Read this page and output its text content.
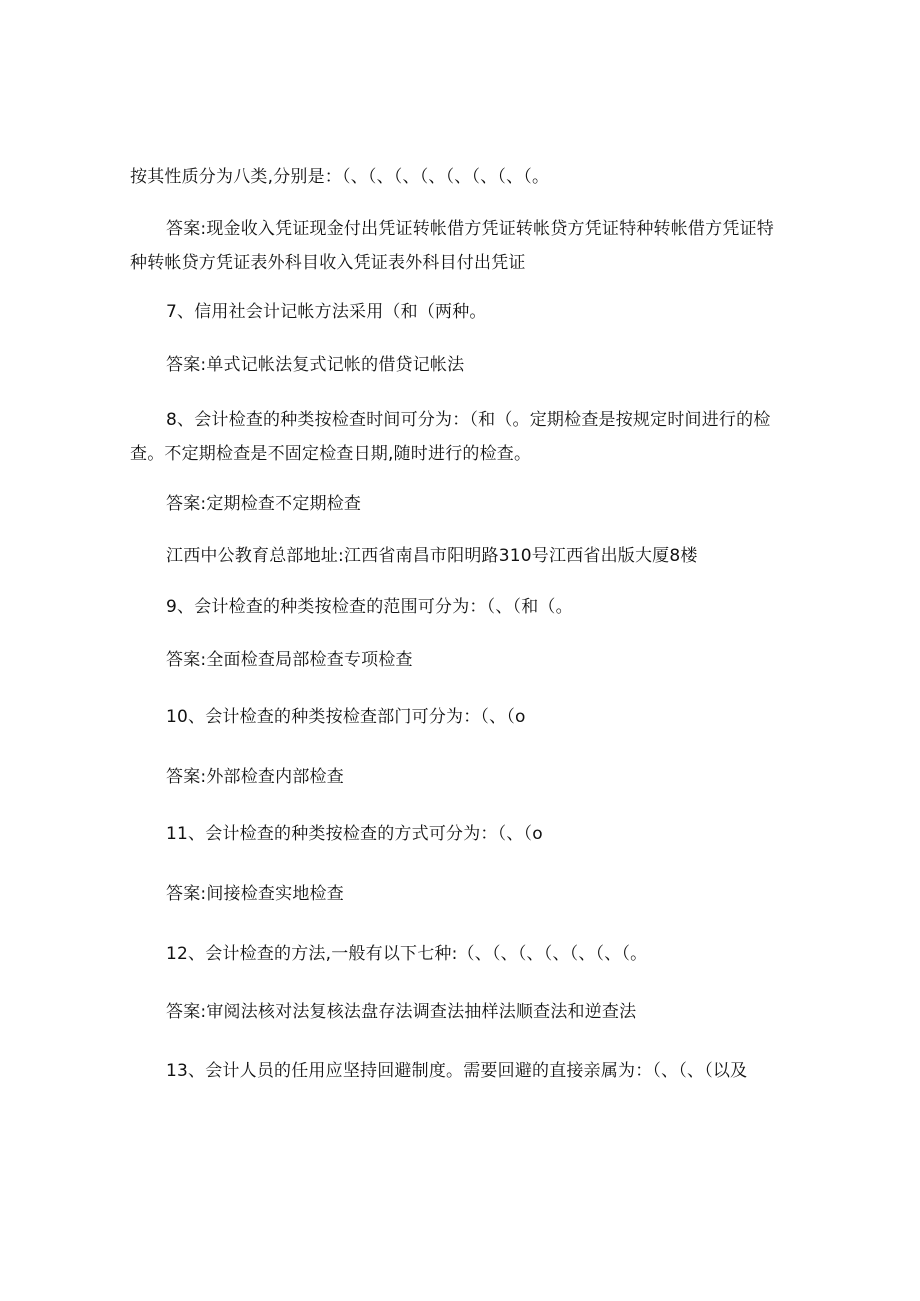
按其性质分为八类,分别是：（、（、（、（、（、（、（、（。
答案:现金收入凭证现金付出凭证转帐借方凭证转帐贷方凭证特种转帐借方凭证特种转帐贷方凭证表外科目收入凭证表外科目付出凭证
7、信用社会计记帐方法采用（和（两种。
答案:单式记帐法复式记帐的借贷记帐法
8、会计检查的种类按检查时间可分为：（和（。定期检查是按规定时间进行的检查。不定期检查是不固定检查日期,随时进行的检查。
答案:定期检查不定期检查
江西中公教育总部地址:江西省南昌市阳明路310号江西省出版大厦8楼
9、会计检查的种类按检查的范围可分为：（、（和（。
答案:全面检查局部检查专项检查
10、会计检查的种类按检查部门可分为：（、（o
答案:外部检查内部检查
11、会计检查的种类按检查的方式可分为：（、（o
答案:间接检查实地检查
12、会计检查的方法,一般有以下七种:（、（、（、（、（、（、（。
答案:审阅法核对法复核法盘存法调查法抽样法顺查法和逆查法
13、会计人员的任用应坚持回避制度。需要回避的直接亲属为：（、（、（以及
